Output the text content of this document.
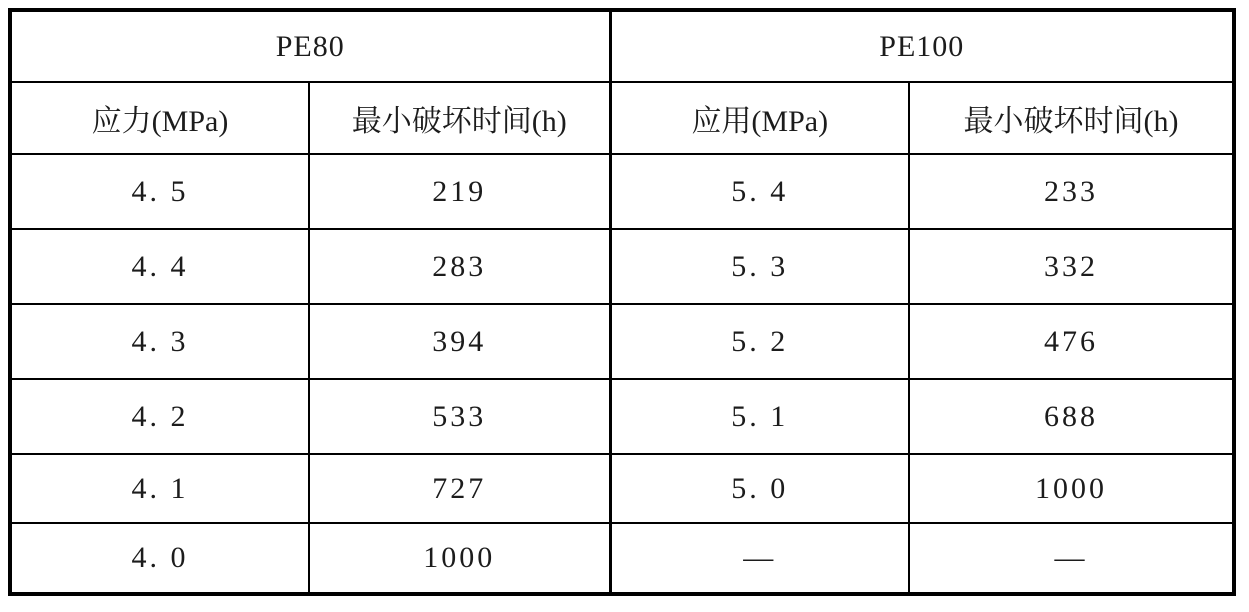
PE80		PE100	
应力(MPa)	最小破坏时间(h)	应用(MPa)	最小破坏时间(h)
4. 5	219	5. 4	233
4. 4	283	5. 3	332
4. 3	394	5. 2	476
4. 2	533	5. 1	688
4. 1	727	5. 0	1000
4. 0	1000	—	—
